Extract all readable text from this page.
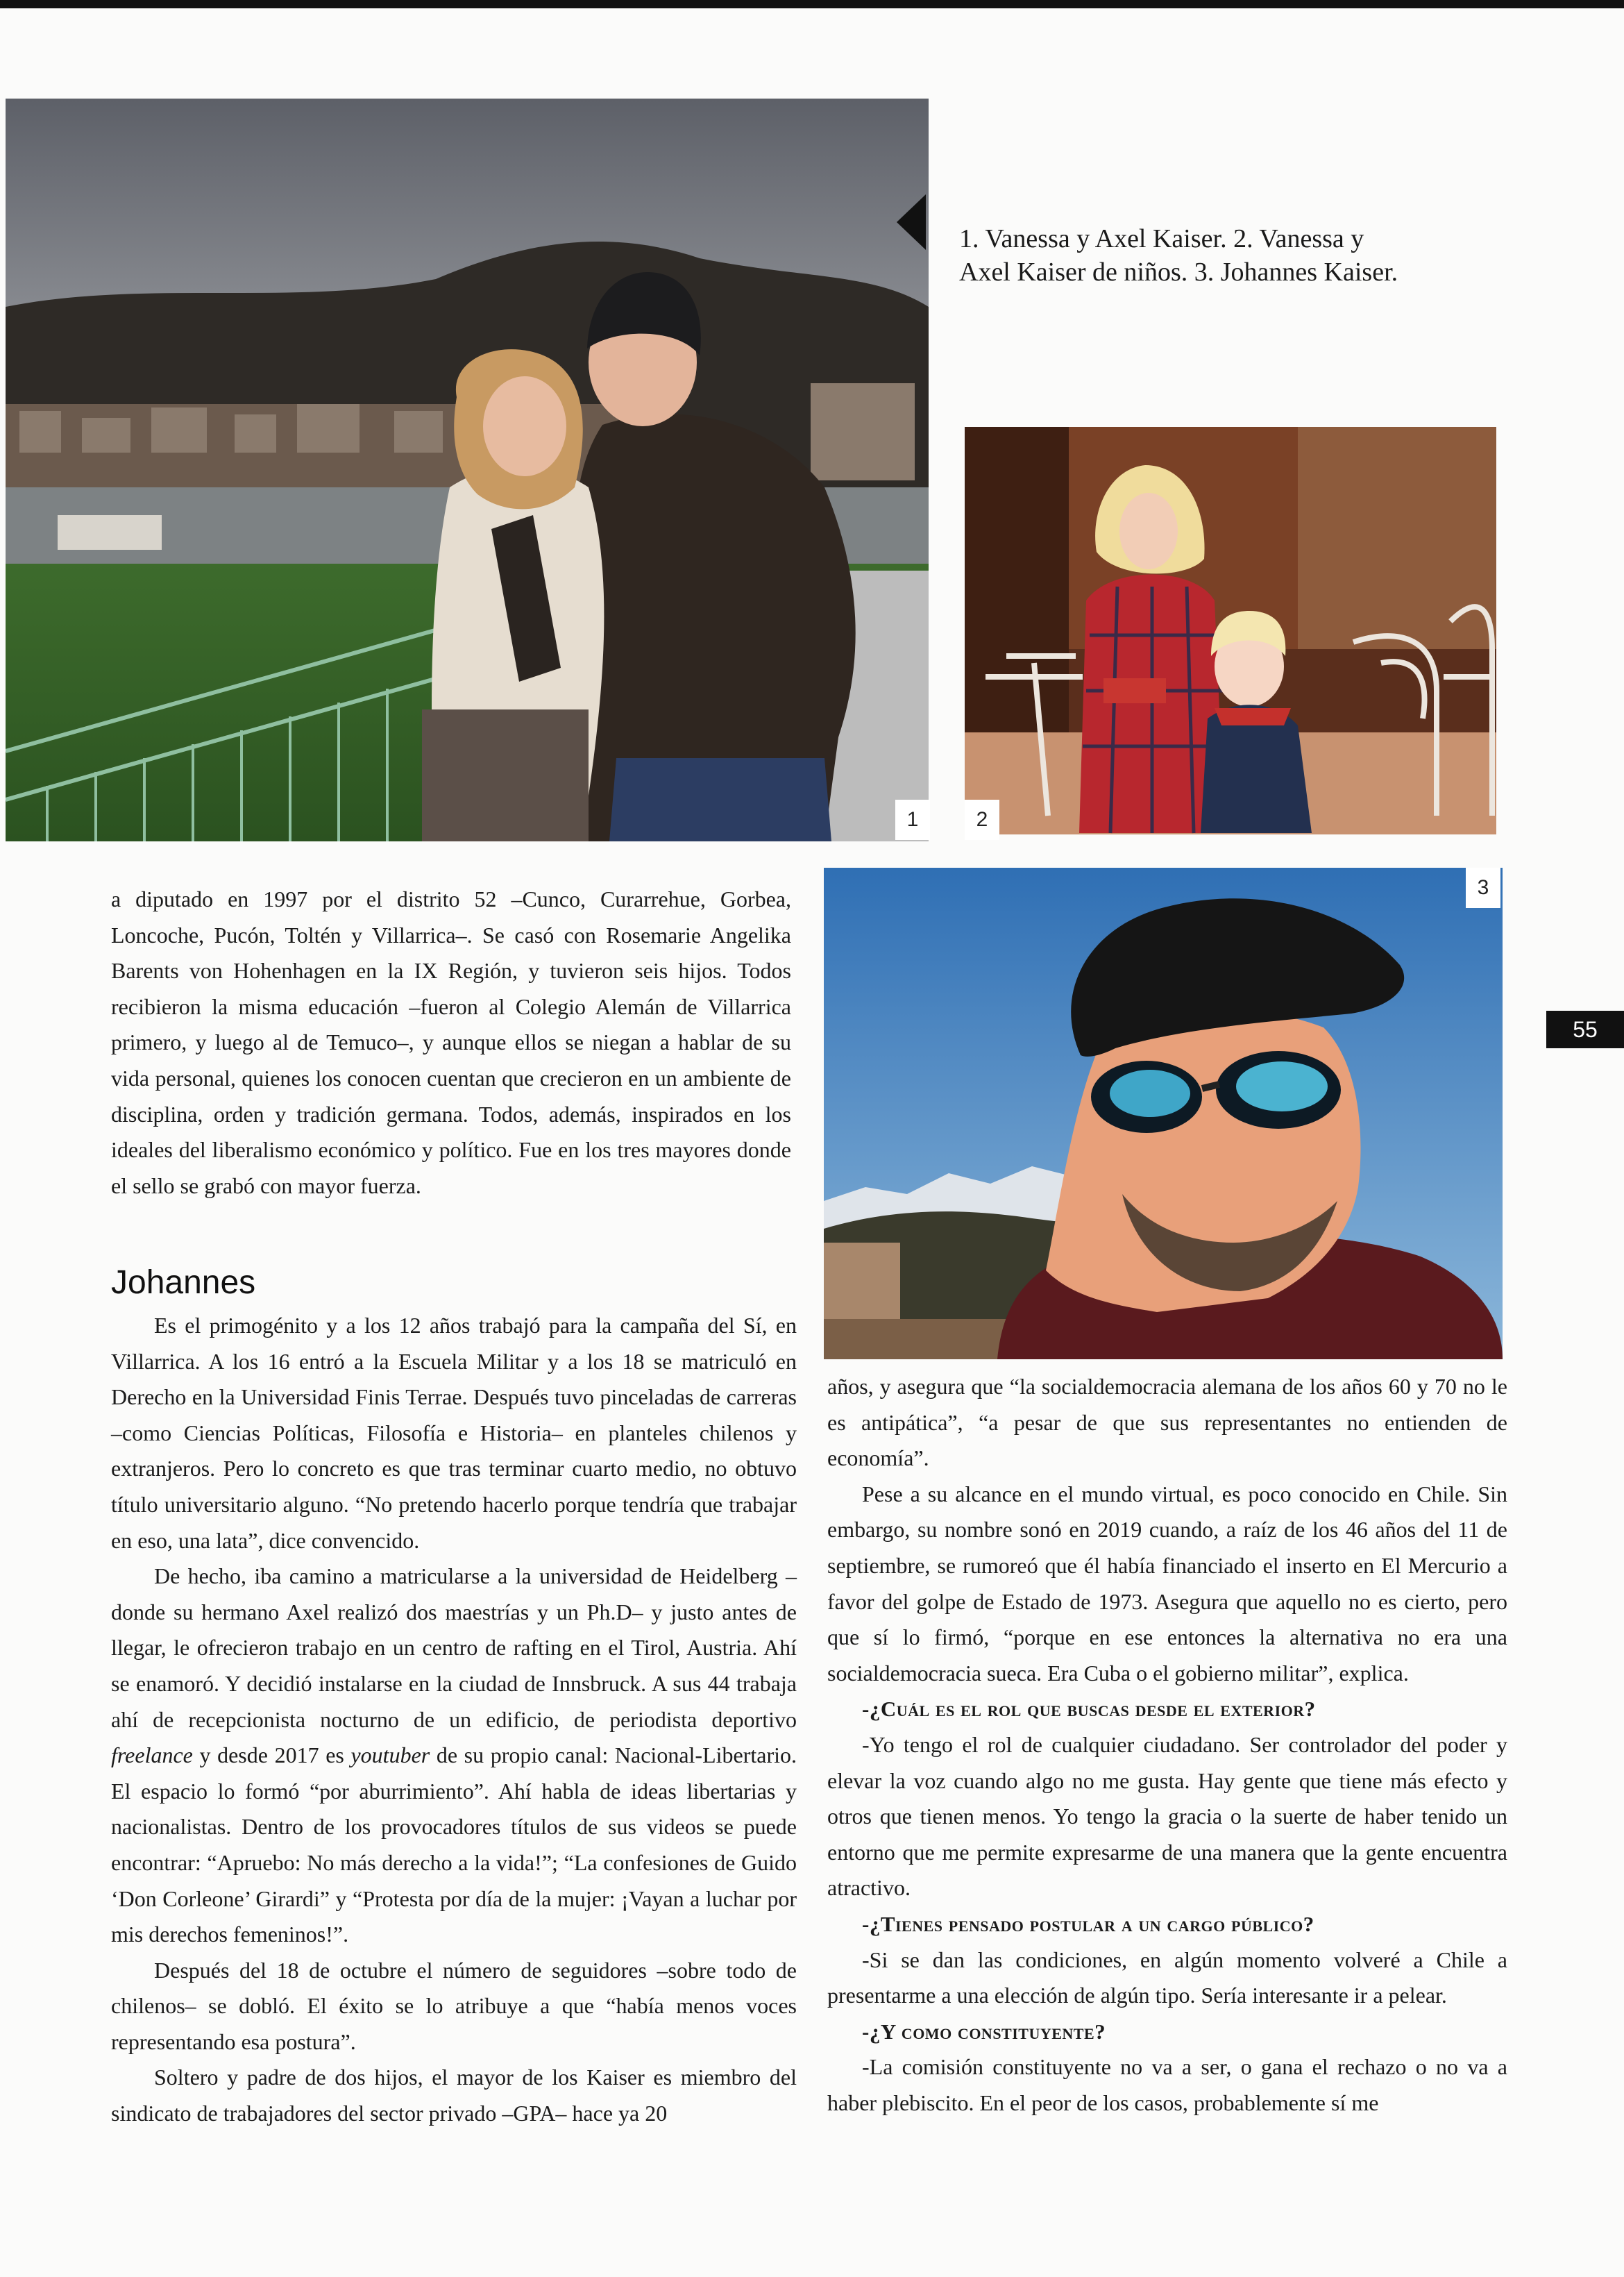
1
1. Vanessa y Axel Kaiser. 2. Vanessa y Axel Kaiser de niños. 3. Johannes Kaiser.
2
55
3

a diputado en 1997 por el distrito 52 –Cunco, Curarrehue, Gorbea, Loncoche, Pucón, Toltén y Villarrica–. Se casó con Rosemarie Angelika Barents von Hohenhagen en la IX Región, y tuvieron seis hijos. Todos recibieron la misma educación –fueron al Colegio Alemán de Villarrica primero, y luego al de Temuco–, y aunque ellos se niegan a hablar de su vida personal, quienes los conocen cuentan que crecieron en un ambiente de disciplina, orden y tradición germana. Todos, además, inspirados en los ideales del liberalismo económico y político. Fue en los tres mayores donde el sello se grabó con mayor fuerza.

Johannes

Es el primogénito y a los 12 años trabajó para la campaña del Sí, en Villarrica. A los 16 entró a la Escuela Militar y a los 18 se matriculó en Derecho en la Universidad Finis Terrae. Después tuvo pinceladas de carreras –como Ciencias Políticas, Filosofía e Historia– en planteles chilenos y extranjeros. Pero lo concreto es que tras terminar cuarto medio, no obtuvo título universitario alguno. “No pretendo hacerlo porque tendría que trabajar en eso, una lata”, dice convencido.

De hecho, iba camino a matricularse a la universidad de Heidelberg –donde su hermano Axel realizó dos maestrías y un Ph.D– y justo antes de llegar, le ofrecieron trabajo en un centro de rafting en el Tirol, Austria. Ahí se enamoró. Y decidió instalarse en la ciudad de Innsbruck. A sus 44 trabaja ahí de recepcionista nocturno de un edificio, de periodista deportivo freelance y desde 2017 es youtuber de su propio canal: Nacional-Libertario. El espacio lo formó “por aburrimiento”. Ahí habla de ideas libertarias y nacionalistas. Dentro de los provocadores títulos de sus videos se puede encontrar: “Apruebo: No más derecho a la vida!”; “La confesiones de Guido ‘Don Corleone’ Girardi” y “Protesta por día de la mujer: ¡Vayan a luchar por mis derechos femeninos!”.

Después del 18 de octubre el número de seguidores –sobre todo de chilenos– se dobló. El éxito se lo atribuye a que “había menos voces representando esa postura”.

Soltero y padre de dos hijos, el mayor de los Kaiser es miembro del sindicato de trabajadores del sector privado –GPA– hace ya 20

años, y asegura que “la socialdemocracia alemana de los años 60 y 70 no le es antipática”, “a pesar de que sus representantes no entienden de economía”.

Pese a su alcance en el mundo virtual, es poco conocido en Chile. Sin embargo, su nombre sonó en 2019 cuando, a raíz de los 46 años del 11 de septiembre, se rumoreó que él había financiado el inserto en El Mercurio a favor del golpe de Estado de 1973. Asegura que aquello no es cierto, pero que sí lo firmó, “porque en ese entonces la alternativa no era una socialdemocracia sueca. Era Cuba o el gobierno militar”, explica.

-¿Cuál es el rol que buscas desde el exterior?

-Yo tengo el rol de cualquier ciudadano. Ser controlador del poder y elevar la voz cuando algo no me gusta. Hay gente que tiene más efecto y otros que tienen menos. Yo tengo la gracia o la suerte de haber tenido un entorno que me permite expresarme de una manera que la gente encuentra atractivo.

-¿Tienes pensado postular a un cargo público?

-Si se dan las condiciones, en algún momento volveré a Chile a presentarme a una elección de algún tipo. Sería interesante ir a pelear.

-¿Y como constituyente?

-La comisión constituyente no va a ser, o gana el rechazo o no va a haber plebiscito. En el peor de los casos, probablemente sí me
